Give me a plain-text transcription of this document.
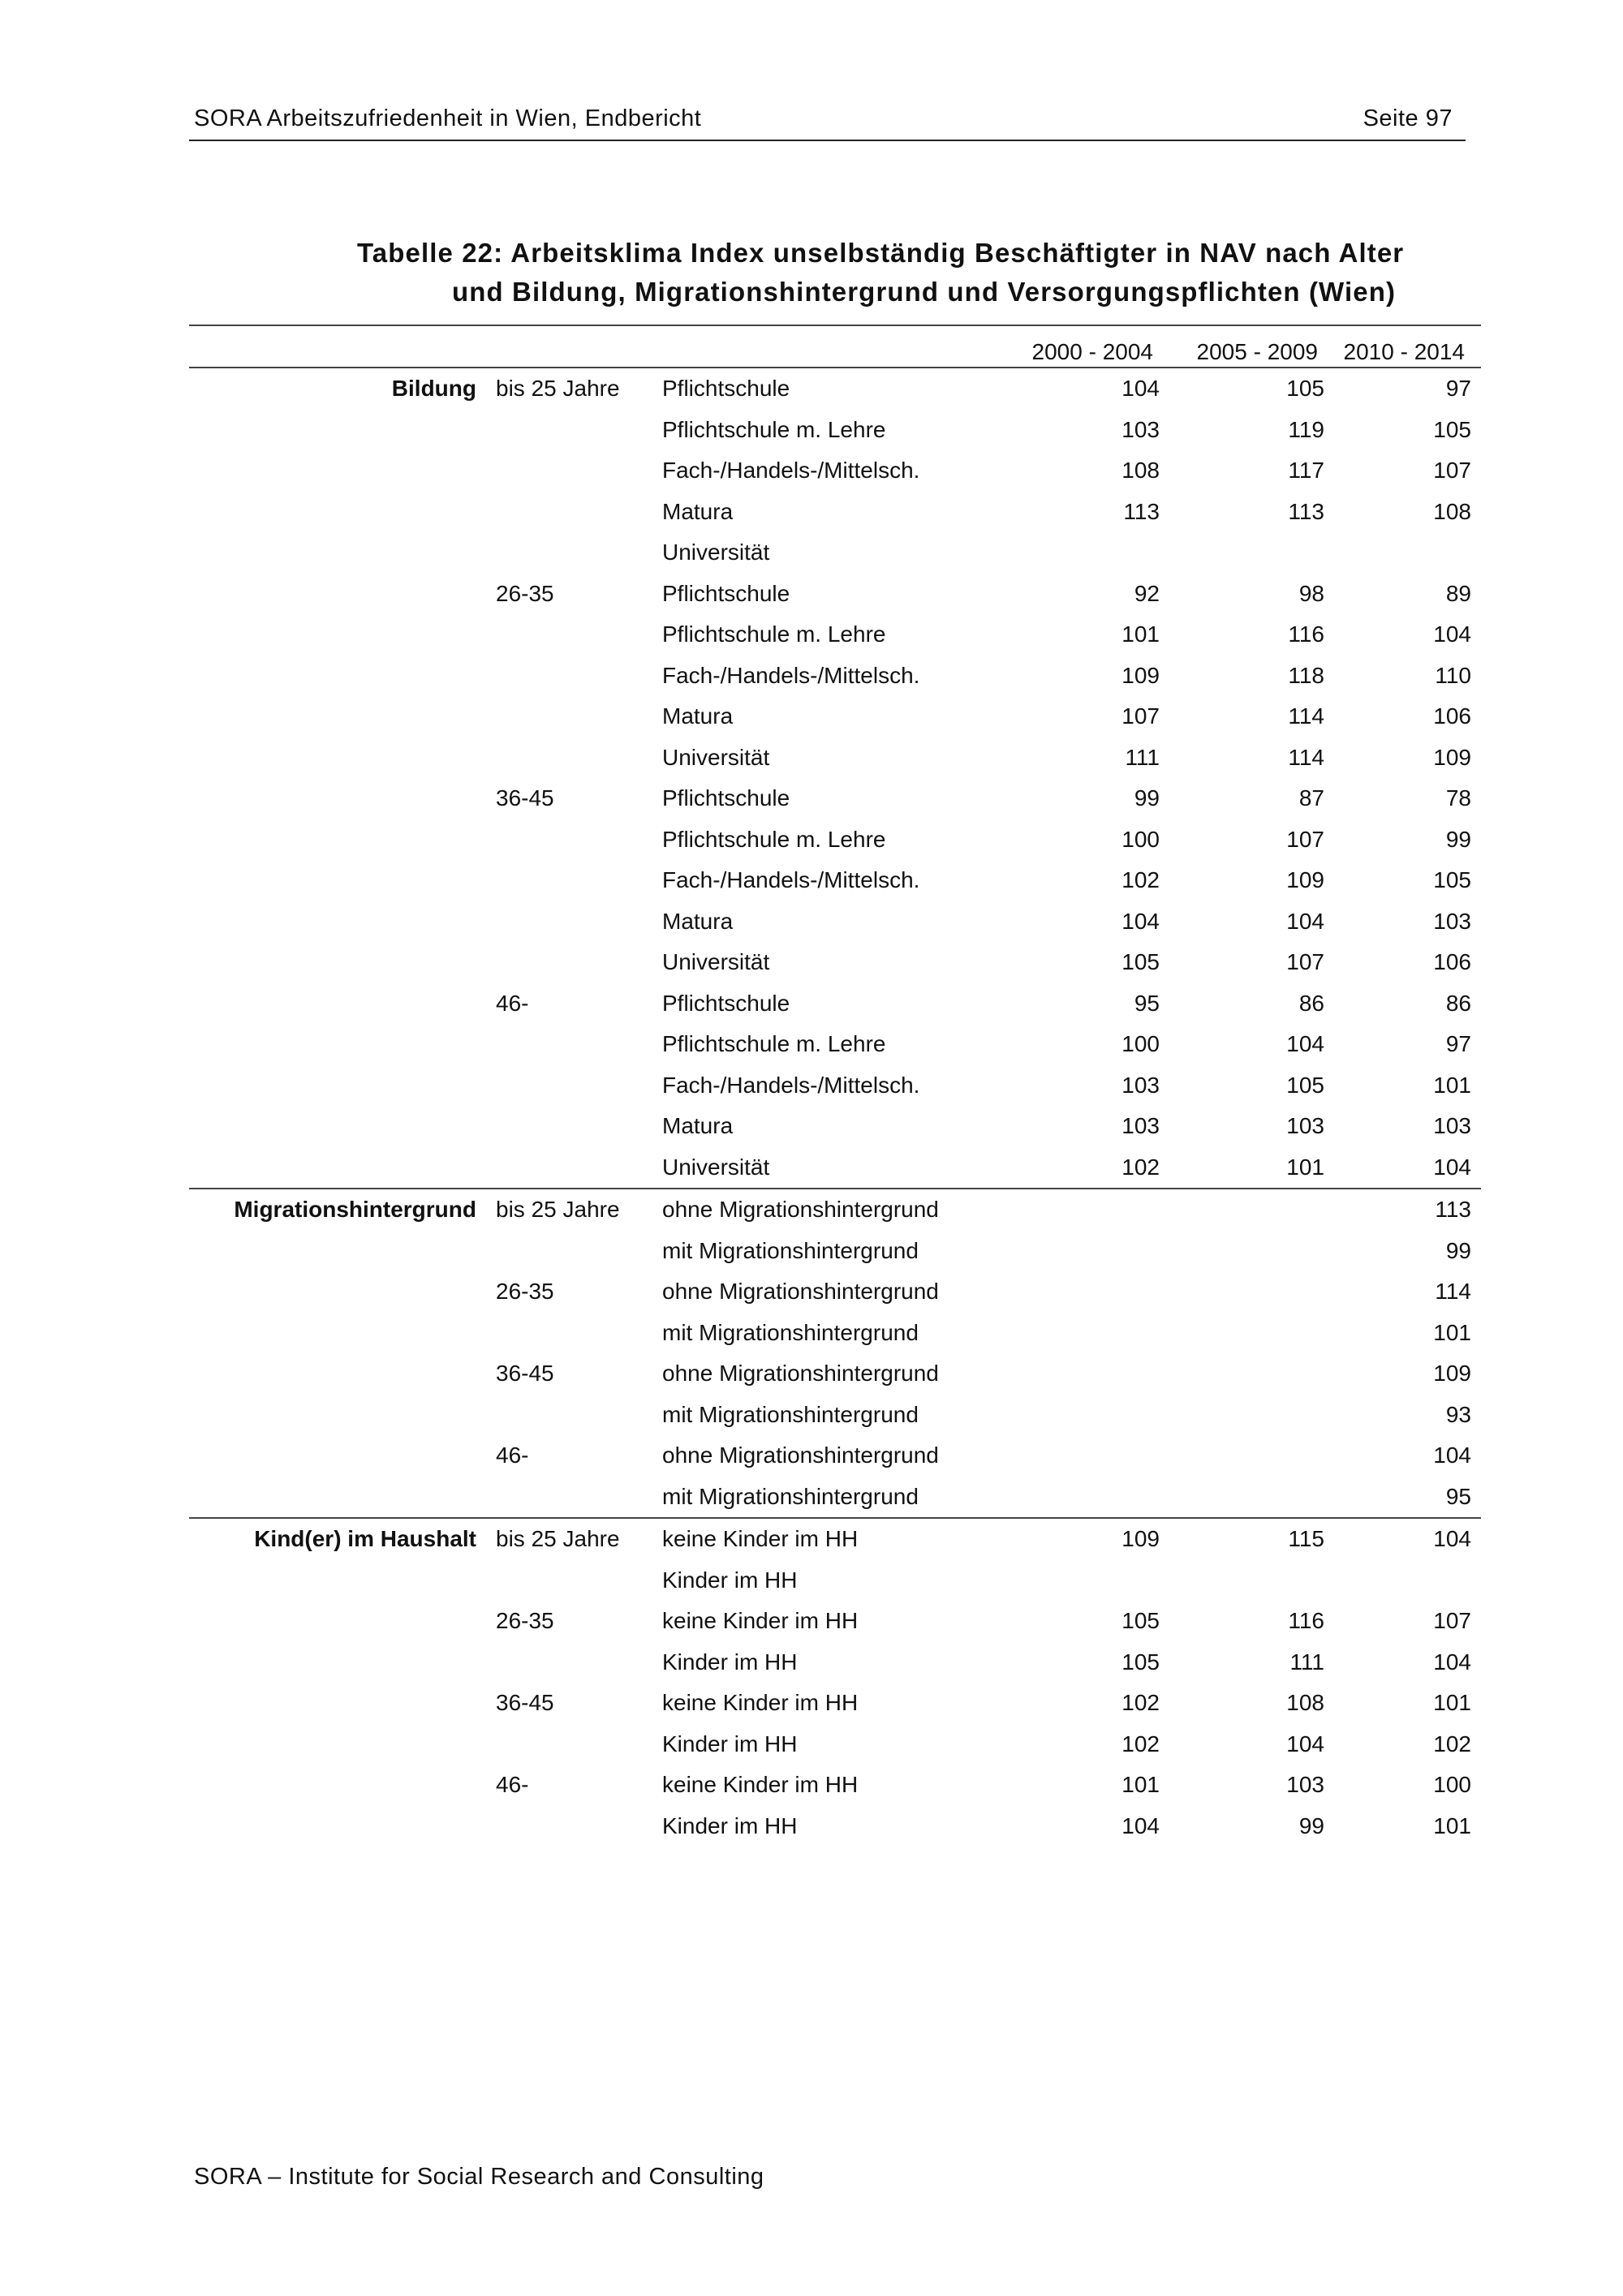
SORA Arbeitszufriedenheit in Wien, Endbericht	Seite 97
Tabelle 22: Arbeitsklima Index unselbständig Beschäftigter in NAV nach Alter
und Bildung, Migrationshintergrund und Versorgungspflichten (Wien)
			2000 - 2004	2005 - 2009	2010 - 2014
Bildung	bis 25 Jahre	Pflichtschule	104	105	97
		Pflichtschule m. Lehre	103	119	105
		Fach-/Handels-/Mittelsch.	108	117	107
		Matura	113	113	108
		Universität			
	26-35	Pflichtschule	92	98	89
		Pflichtschule m. Lehre	101	116	104
		Fach-/Handels-/Mittelsch.	109	118	110
		Matura	107	114	106
		Universität	111	114	109
	36-45	Pflichtschule	99	87	78
		Pflichtschule m. Lehre	100	107	99
		Fach-/Handels-/Mittelsch.	102	109	105
		Matura	104	104	103
		Universität	105	107	106
	46-	Pflichtschule	95	86	86
		Pflichtschule m. Lehre	100	104	97
		Fach-/Handels-/Mittelsch.	103	105	101
		Matura	103	103	103
		Universität	102	101	104
Migrationshintergrund	bis 25 Jahre	ohne Migrationshintergrund			113
		mit Migrationshintergrund			99
	26-35	ohne Migrationshintergrund			114
		mit Migrationshintergrund			101
	36-45	ohne Migrationshintergrund			109
		mit Migrationshintergrund			93
	46-	ohne Migrationshintergrund			104
		mit Migrationshintergrund			95
Kind(er) im Haushalt	bis 25 Jahre	keine Kinder im HH	109	115	104
		Kinder im HH			
	26-35	keine Kinder im HH	105	116	107
		Kinder im HH	105	111	104
	36-45	keine Kinder im HH	102	108	101
		Kinder im HH	102	104	102
	46-	keine Kinder im HH	101	103	100
		Kinder im HH	104	99	101
SORA – Institute for Social Research and Consulting
